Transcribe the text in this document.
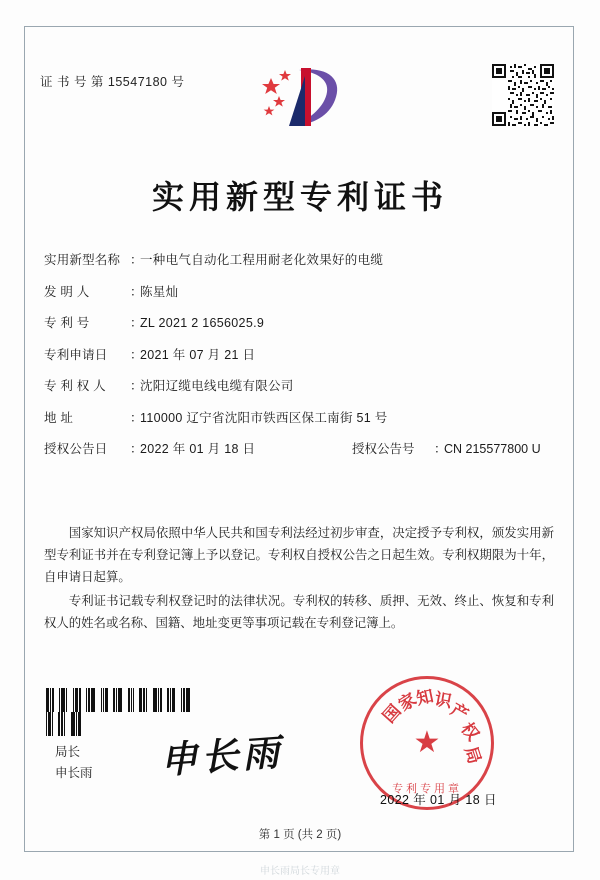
证 书 号 第 15547180 号
实用新型专利证书
实用新型名称 ：
一种电气自动化工程用耐老化效果好的电缆
发 明 人	：
陈星灿
专 利 号	：
ZL 2021 2 1656025.9
专利申请日	：
2021 年 07 月 21 日
专 利 权 人	：
沈阳辽缆电线电缆有限公司
地 址	：
110000 辽宁省沈阳市铁西区保工南街 51 号
授权公告日	：
2022 年 01 月 18 日	授权公告号	：
CN 215577800 U

国家知识产权局依照中华人民共和国专利法经过初步审查，决定授予专利权，颁发实用新型专利证书并在专利登记簿上予以登记。专利权自授权公告之日起生效。专利权期限为十年，自申请日起算。

专利证书记载专利权登记时的法律状况。专利权的转移、质押、无效、终止、恢复和专利权人的姓名或名称、国籍、地址变更等事项记载在专利登记簿上。

局长
申长雨 申长雨	★
国
家
知
识
产
权
局
专利专用章
2022 年 01 月 18 日
第 1 页 (共 2 页)
申长雨局长专用章
